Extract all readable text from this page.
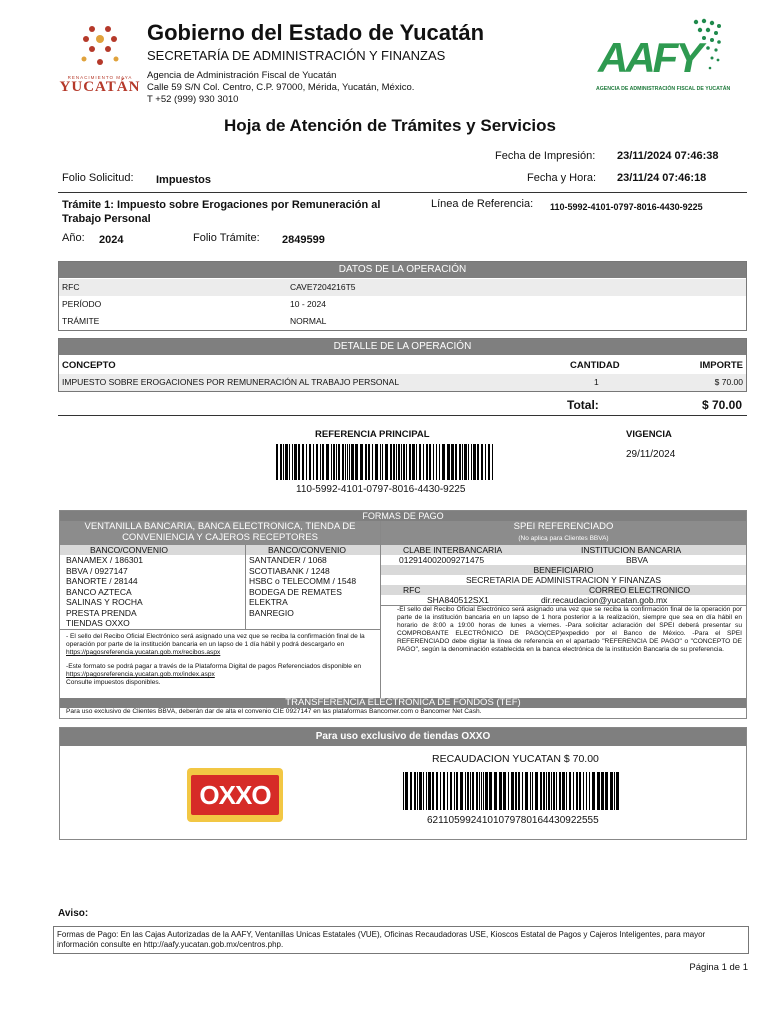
RENACIMIENTO MAYA
YUCATÁN
Gobierno del Estado de Yucatán
SECRETARÍA DE ADMINISTRACIÓN Y FINANZAS
Agencia de Administración Fiscal de Yucatán
Calle 59 S/N Col. Centro, C.P. 97000, Mérida, Yucatán, México.
T +52 (999) 930 3010
AAFY
AGENCIA DE ADMINISTRACIÓN FISCAL DE YUCATÁN
Hoja de Atención de Trámites y Servicios
Fecha de Impresión: 23/11/2024 07:46:38
Folio Solicitud: Impuestos	Fecha y Hora: 23/11/24 07:46:18
Trámite 1: Impuesto sobre Erogaciones por Remuneración al Trabajo Personal
Línea de Referencia: 110-5992-4101-0797-8016-4430-9225
Año: 2024	Folio Trámite: 2849599
DATOS DE LA OPERACIÓN
RFC	CAVE7204216T5
PERÍODO	10 - 2024
TRÁMITE	NORMAL
DETALLE DE LA OPERACIÓN
CONCEPTO	CANTIDAD	IMPORTE
IMPUESTO SOBRE EROGACIONES POR REMUNERACIÓN AL TRABAJO PERSONAL	1	$ 70.00
Total:	$ 70.00
REFERENCIA PRINCIPAL
110-5992-4101-0797-8016-4430-9225
VIGENCIA
29/11/2024
FORMAS DE PAGO
VENTANILLA BANCARIA, BANCA ELECTRONICA, TIENDA DE CONVENIENCIA Y CAJEROS RECEPTORES
SPEI REFERENCIADO
(No aplica para Clientes BBVA)
BANCO/CONVENIO	BANCO/CONVENIO
BANAMEX / 186301	SANTANDER / 1068
BBVA / 0927147	SCOTIABANK / 1248
BANORTE / 28144	HSBC o TELECOMM / 1548
BANCO AZTECA	BODEGA DE REMATES
SALINAS Y ROCHA	ELEKTRA
PRESTA PRENDA	BANREGIO
TIENDAS OXXO
CLABE INTERBANCARIA	INSTITUCION BANCARIA
012914002009271475	BBVA
BENEFICIARIO
SECRETARIA DE ADMINISTRACION Y FINANZAS
RFC	CORREO ELECTRONICO
SHA840512SX1	dir.recaudacion@yucatan.gob.mx
- El sello del Recibo Oficial Electrónico será asignado una vez que se reciba la confirmación final de la operación por parte de la institución bancaria en un lapso de 1 día hábil y podrá descargarlo en
https://pagosreferencia.yucatan.gob.mx/recibos.aspx
-Este formato se podrá pagar a través de la Plataforma Digital de pagos Referenciados disponible en https://pagosreferencia.yucatan.gob.mx/index.aspx
Consulte impuestos disponibles.
-El sello del Recibo Oficial Electrónico será asignado una vez que se reciba la confirmación final de la operación por parte de la institución bancaria en un lapso de 1 hora posterior a la realización, siempre que sea en día hábil en horario de 8:00 a 19:00 horas de lunes a viernes. -Para solicitar aclaración del SPEI deberá presentar su COMPROBANTE ELECTRÓNICO DE PAGO(CEP)expedido por el Banco de México. -Para el SPEI REFERENCIADO debe digitar la línea de referencia en el apartado "REFERENCIA DE PAGO" o "CONCEPTO DE PAGO", según la denominación establecida en la banca electrónica de la institución Bancaria de su preferencia.
TRANSFERENCIA ELECTRÓNICA DE FONDOS (TEF)
Para uso exclusivo de Clientes BBVA, deberán dar de alta el convenio CIE 0927147 en las plataformas Bancomer.com o Bancomer Net Cash.
Para uso exclusivo de tiendas OXXO
OXXO
RECAUDACION YUCATAN $ 70.00
6211059924101079780164430922555
Aviso:
Formas de Pago: En las Cajas Autorizadas de la AAFY, Ventanillas Unicas Estatales (VUE), Oficinas Recaudadoras USE, Kioscos Estatal de Pagos y Cajeros Inteligentes, para mayor información consulte en http://aafy.yucatan.gob.mx/centros.php.
Página 1 de 1
